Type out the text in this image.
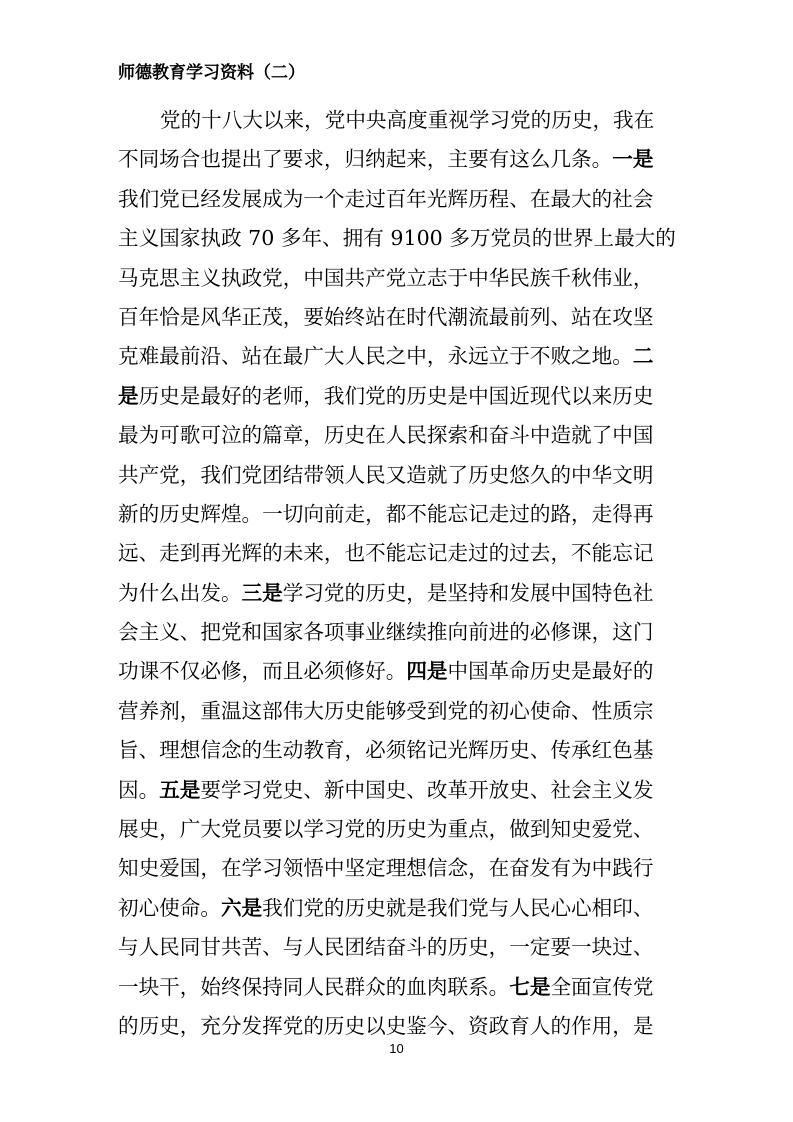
师德教育学习资料（二）
党的十八大以来，党中央高度重视学习党的历史，我在
不同场合也提出了要求，归纳起来，主要有这么几条。一是
我们党已经发展成为一个走过百年光辉历程、在最大的社会
主义国家执政 70 多年、拥有 9100 多万党员的世界上最大的
马克思主义执政党，中国共产党立志于中华民族千秋伟业，
百年恰是风华正茂，要始终站在时代潮流最前列、站在攻坚
克难最前沿、站在最广大人民之中，永远立于不败之地。二
是历史是最好的老师，我们党的历史是中国近现代以来历史
最为可歌可泣的篇章，历史在人民探索和奋斗中造就了中国
共产党，我们党团结带领人民又造就了历史悠久的中华文明
新的历史辉煌。一切向前走，都不能忘记走过的路，走得再
远、走到再光辉的未来，也不能忘记走过的过去，不能忘记
为什么出发。三是学习党的历史，是坚持和发展中国特色社
会主义、把党和国家各项事业继续推向前进的必修课，这门
功课不仅必修，而且必须修好。四是中国革命历史是最好的
营养剂，重温这部伟大历史能够受到党的初心使命、性质宗
旨、理想信念的生动教育，必须铭记光辉历史、传承红色基
因。五是要学习党史、新中国史、改革开放史、社会主义发
展史，广大党员要以学习党的历史为重点，做到知史爱党、
知史爱国，在学习领悟中坚定理想信念，在奋发有为中践行
初心使命。六是我们党的历史就是我们党与人民心心相印、
与人民同甘共苦、与人民团结奋斗的历史，一定要一块过、
一块干，始终保持同人民群众的血肉联系。七是全面宣传党
的历史，充分发挥党的历史以史鉴今、资政育人的作用，是
10
